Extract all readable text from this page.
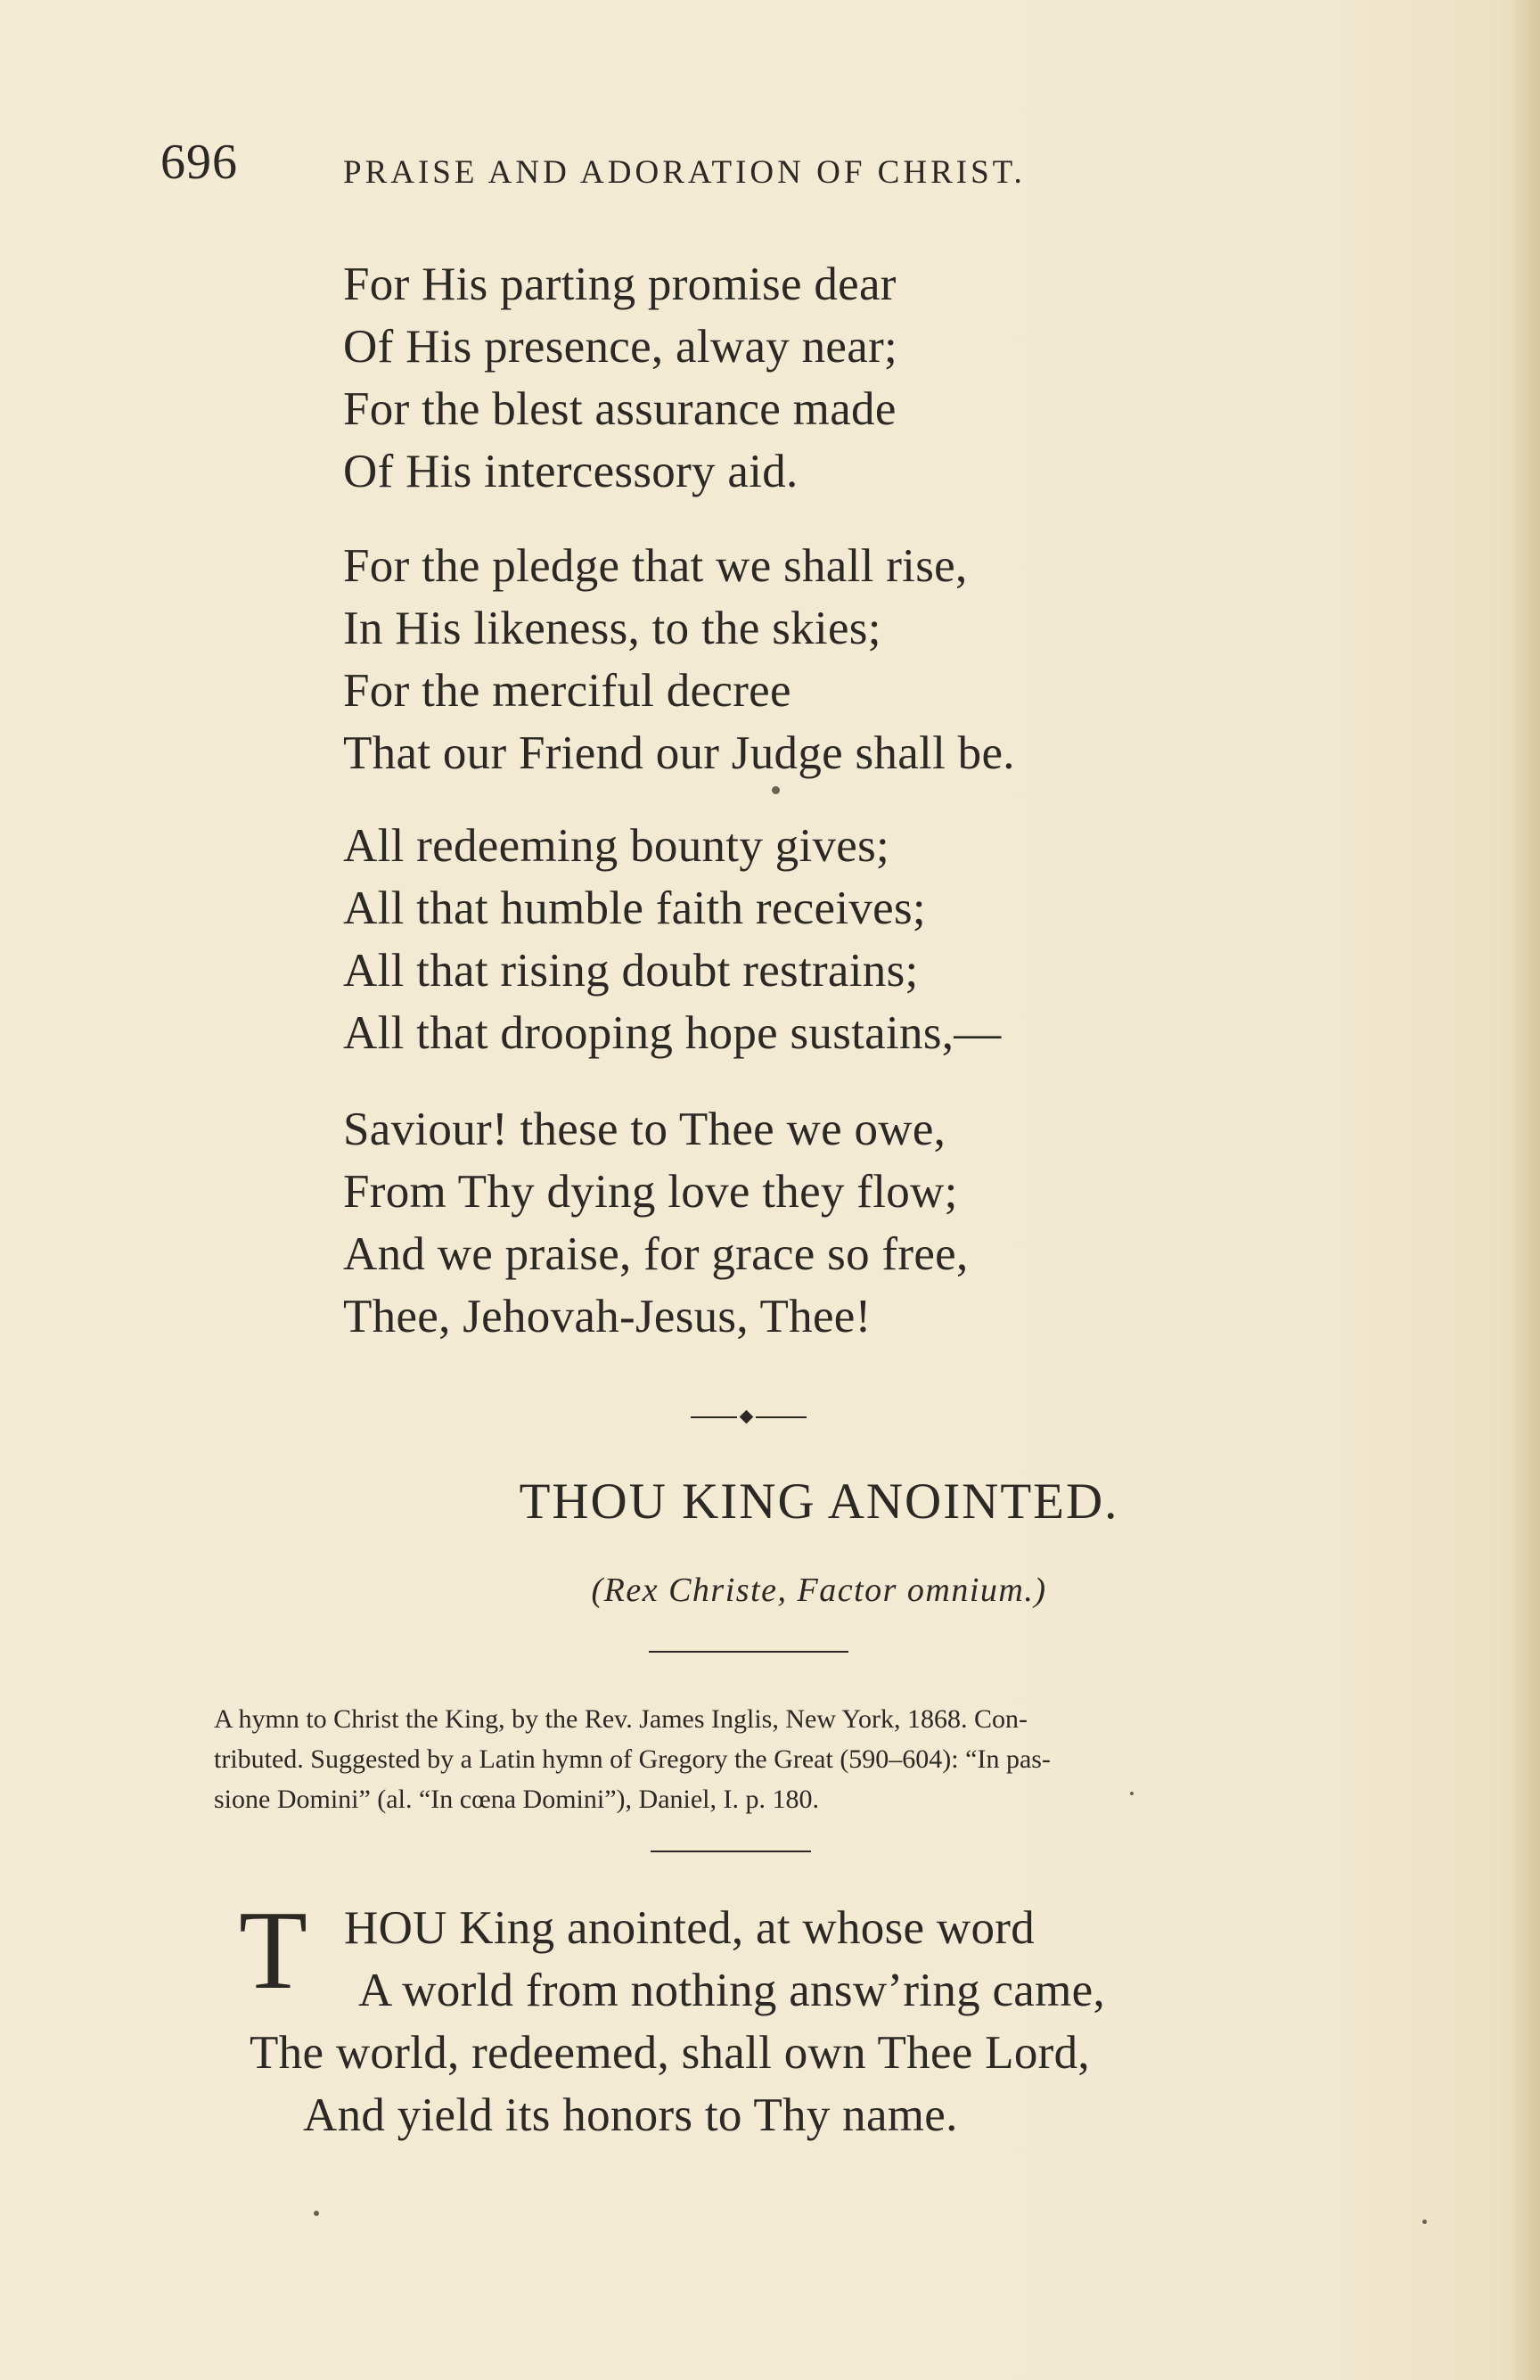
696	PRAISE AND ADORATION OF CHRIST.
For His parting promise dear
Of His presence, alway near;
For the blest assurance made
Of His intercessory aid.
For the pledge that we shall rise,
In His likeness, to the skies;
For the merciful decree
That our Friend our Judge shall be.
All redeeming bounty gives;
All that humble faith receives;
All that rising doubt restrains;
All that drooping hope sustains,—
Saviour! these to Thee we owe,
From Thy dying love they flow;
And we praise, for grace so free,
Thee, Jehovah-Jesus, Thee!
THOU KING ANOINTED.
(Rex Christe, Factor omnium.)
A hymn to Christ the King, by the Rev. James Inglis, New York, 1868. Con-
tributed. Suggested by a Latin hymn of Gregory the Great (590–604): “In pas-
sione Domini” (al. “In cœna Domini”), Daniel, I. p. 180.
T HOU King anointed, at whose word
A world from nothing answ’ring came,
The world, redeemed, shall own Thee Lord,
And yield its honors to Thy name.
